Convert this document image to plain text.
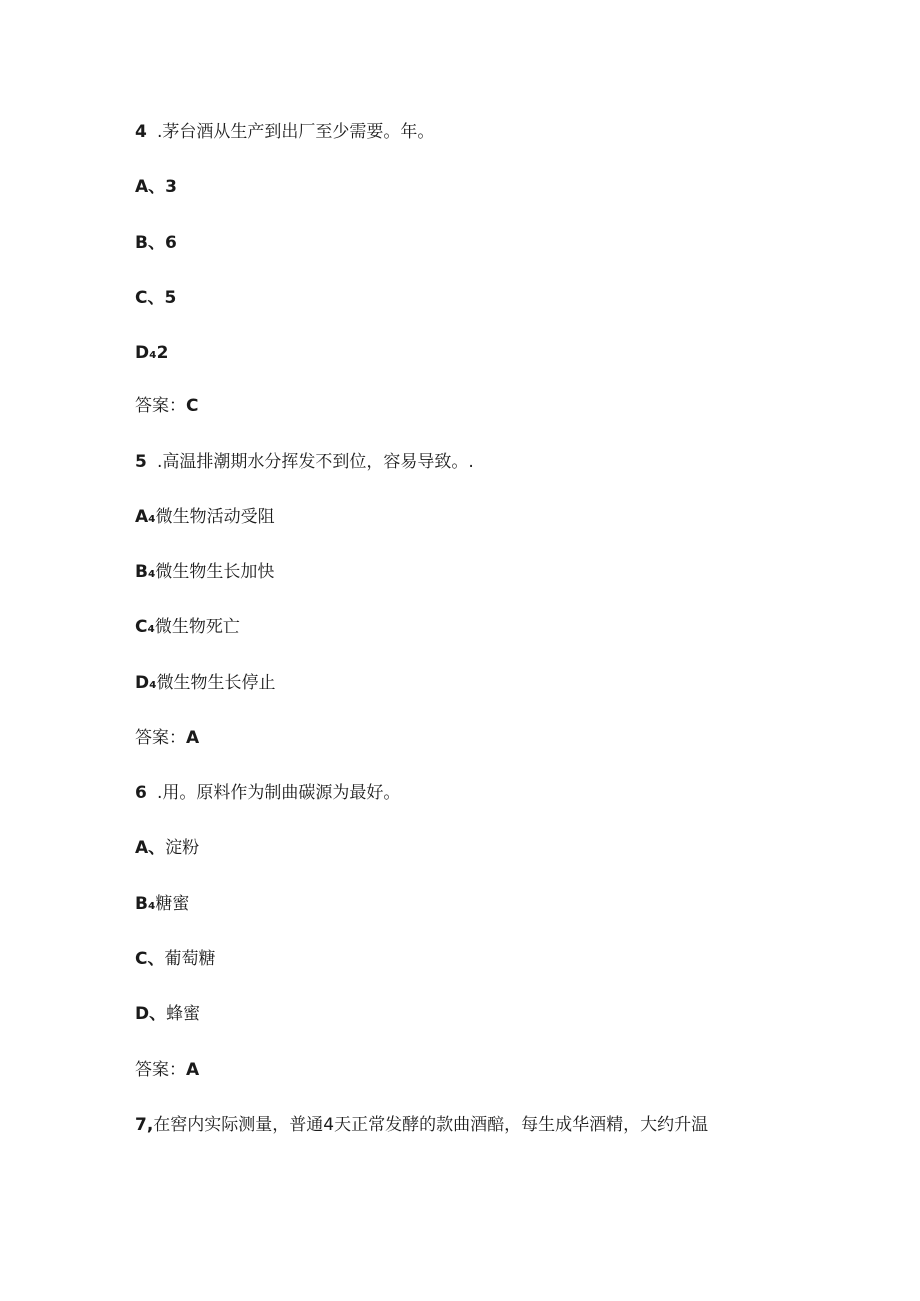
4 .茅台酒从生产到出厂至少需要。年。
A、3
B、6
C、5
D₄2
答案：C
5 .高温排潮期水分挥发不到位，容易导致。.
A₄微生物活动受阻
B₄微生物生长加快
C₄微生物死亡
D₄微生物生长停止
答案：A
6 .用。原料作为制曲碳源为最好。
A、淀粉
B₄糖蜜
C、葡萄糖
D、蜂蜜
答案：A
7,在窖内实际测量，普通4天正常发酵的款曲酒醅，每生成华酒精，大约升温
